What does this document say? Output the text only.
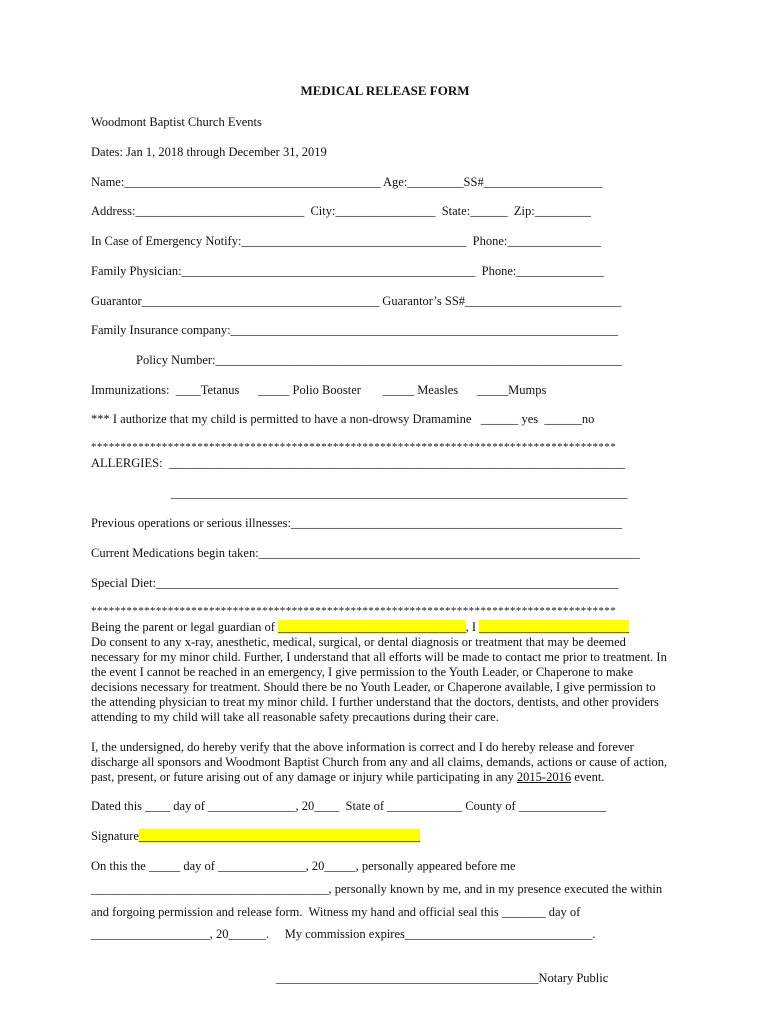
MEDICAL RELEASE FORM
Woodmont Baptist Church Events
Dates: Jan 1, 2018 through December 31, 2019
Name:_________________________________________ Age:_________SS#___________________
Address:___________________________  City:________________  State:______  Zip:_________
In Case of Emergency Notify:____________________________________  Phone:_______________
Family Physician:_______________________________________________  Phone:______________
Guarantor______________________________________ Guarantor’s SS#_________________________
Family Insurance company:______________________________________________________________
Policy Number:_________________________________________________________________
Immunizations:  ____Tetanus      _____ Polio Booster       _____ Measles      _____Mumps
*** I authorize that my child is permitted to have a non-drowsy Dramamine   ______ yes  ______no
*****************************************************************************************
ALLERGIES:  _________________________________________________________________________
_________________________________________________________________________
Previous operations or serious illnesses:_____________________________________________________
Current Medications begin taken:_____________________________________________________________
Special Diet:__________________________________________________________________________
*****************************************************************************************
Being the parent or legal guardian of ______________________________, I ________________________
Do consent to any x-ray, anesthetic, medical, surgical, or dental diagnosis or treatment that may be deemed
necessary for my minor child. Further, I understand that all efforts will be made to contact me prior to treatment. In
the event I cannot be reached in an emergency, I give permission to the Youth Leader, or Chaperone to make
decisions necessary for treatment. Should there be no Youth Leader, or Chaperone available, I give permission to
the attending physician to treat my minor child. I further understand that the doctors, dentists, and other providers
attending to my child will take all reasonable safety precautions during their care.
I, the undersigned, do hereby verify that the above information is correct and I do hereby release and forever
discharge all sponsors and Woodmont Baptist Church from any and all claims, demands, actions or cause of action,
past, present, or future arising out of any damage or injury while participating in any 2015-2016 event.
Dated this ____ day of ______________, 20____  State of ____________ County of ______________
Signature_____________________________________________
On this the _____ day of ______________, 20_____, personally appeared before me
______________________________________, personally known by me, and in my presence executed the within
and forgoing permission and release form.  Witness my hand and official seal this _______ day of
___________________, 20______.     My commission expires______________________________.
__________________________________________Notary Public
